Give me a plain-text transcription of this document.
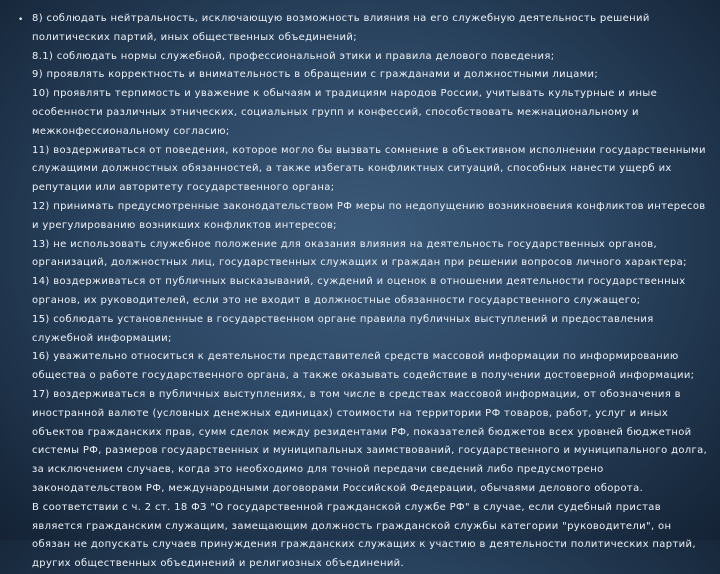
• 8) соблюдать нейтральность, исключающую возможность влияния на его служебную деятельность решений политических партий, иных общественных объединений;

8.1) соблюдать нормы служебной, профессиональной этики и правила делового поведения;

9) проявлять корректность и внимательность в обращении с гражданами и должностными лицами;

10) проявлять терпимость и уважение к обычаям и традициям народов России, учитывать культурные и иные особенности различных этнических, социальных групп и конфессий, способствовать межнациональному и межконфессиональному согласию;

11) воздерживаться от поведения, которое могло бы вызвать сомнение в объективном исполнении государственными служащими должностных обязанностей, а также избегать конфликтных ситуаций, способных нанести ущерб их репутации или авторитету государственного органа;

12) принимать предусмотренные законодательством РФ меры по недопущению возникновения конфликтов интересов и урегулированию возникших конфликтов интересов;

13) не использовать служебное положение для оказания влияния на деятельность государственных органов, организаций, должностных лиц, государственных служащих и граждан при решении вопросов личного характера;

14) воздерживаться от публичных высказываний, суждений и оценок в отношении деятельности государственных органов, их руководителей, если это не входит в должностные обязанности государственного служащего;

15) соблюдать установленные в государственном органе правила публичных выступлений и предоставления служебной информации;

16) уважительно относиться к деятельности представителей средств массовой информации по информированию общества о работе государственного органа, а также оказывать содействие в получении достоверной информации;

17) воздерживаться в публичных выступлениях, в том числе в средствах массовой информации, от обозначения в иностранной валюте (условных денежных единицах) стоимости на территории РФ товаров, работ, услуг и иных объектов гражданских прав, сумм сделок между резидентами РФ, показателей бюджетов всех уровней бюджетной системы РФ, размеров государственных и муниципальных заимствований, государственного и муниципального долга, за исключением случаев, когда это необходимо для точной передачи сведений либо предусмотрено законодательством РФ, международными договорами Российской Федерации, обычаями делового оборота.

В соответствии с ч. 2 ст. 18 ФЗ "О государственной гражданской службе РФ" в случае, если судебный пристав является гражданским служащим, замещающим должность гражданской службы категории "руководители", он обязан не допускать случаев принуждения гражданских служащих к участию в деятельности политических партий, других общественных объединений и религиозных объединений.
